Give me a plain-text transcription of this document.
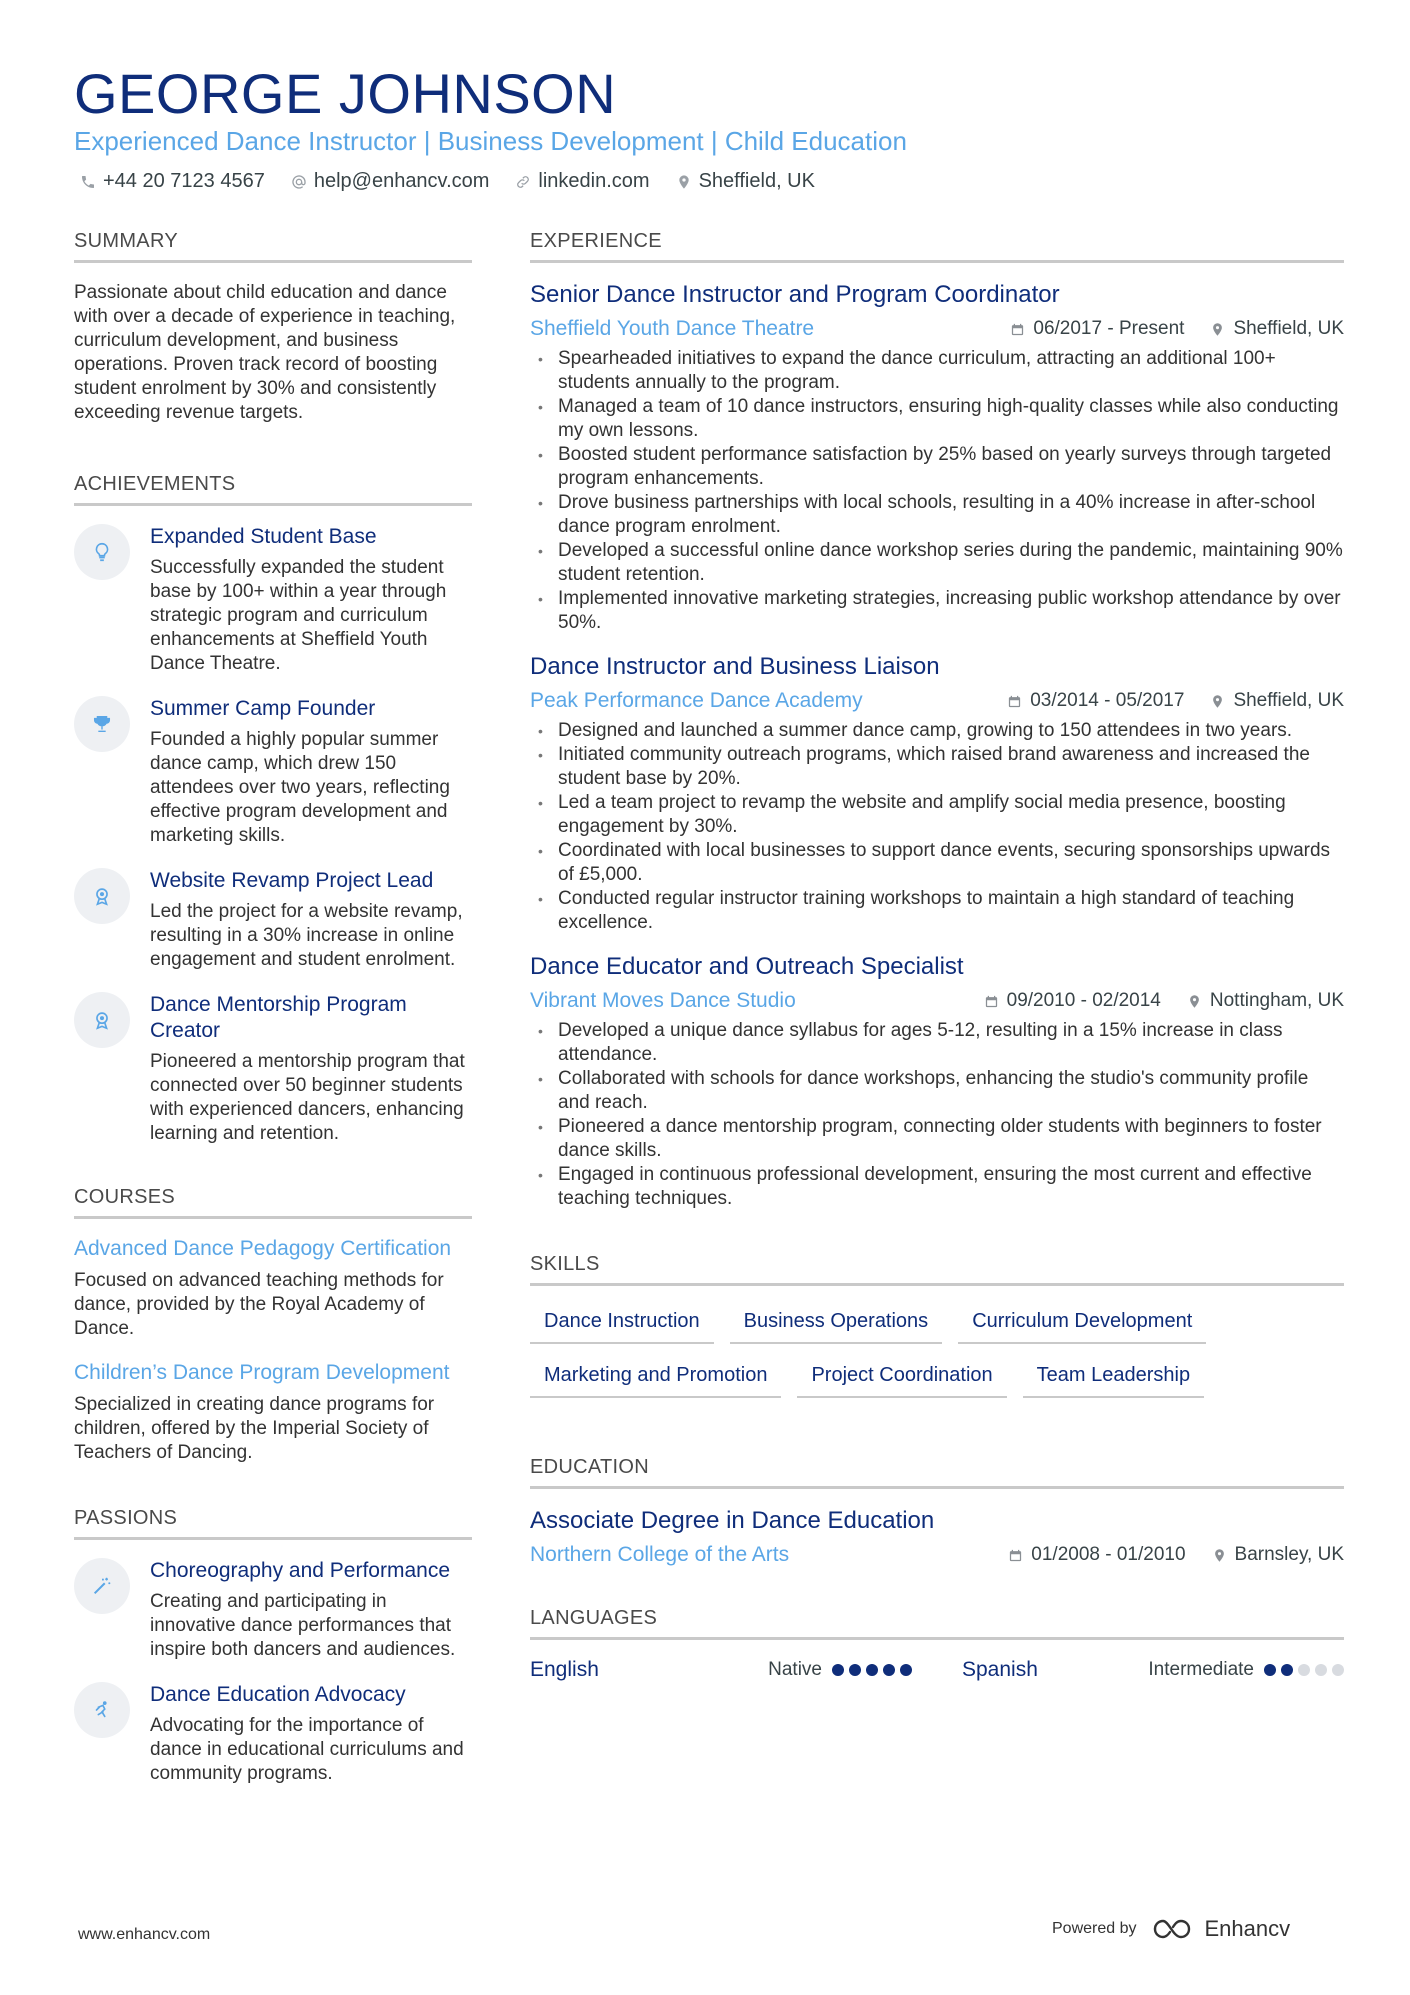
GEORGE JOHNSON
Experienced Dance Instructor | Business Development | Child Education
+44 20 7123 4567 help@enhancv.com linkedin.com Sheffield, UK
SUMMARY
Passionate about child education and dance with over a decade of experience in teaching, curriculum development, and business operations. Proven track record of boosting student enrolment by 30% and consistently exceeding revenue targets.
ACHIEVEMENTS
Expanded Student Base
Successfully expanded the student base by 100+ within a year through strategic program and curriculum enhancements at Sheffield Youth Dance Theatre.
Summer Camp Founder
Founded a highly popular summer dance camp, which drew 150 attendees over two years, reflecting effective program development and marketing skills.
Website Revamp Project Lead
Led the project for a website revamp, resulting in a 30% increase in online engagement and student enrolment.
Dance Mentorship Program Creator
Pioneered a mentorship program that connected over 50 beginner students with experienced dancers, enhancing learning and retention.
COURSES
Advanced Dance Pedagogy Certification
Focused on advanced teaching methods for dance, provided by the Royal Academy of Dance.
Children’s Dance Program Development
Specialized in creating dance programs for children, offered by the Imperial Society of Teachers of Dancing.
PASSIONS
Choreography and Performance
Creating and participating in innovative dance performances that inspire both dancers and audiences.
Dance Education Advocacy
Advocating for the importance of dance in educational curriculums and community programs.
EXPERIENCE
Senior Dance Instructor and Program Coordinator
Sheffield Youth Dance Theatre	06/2017 - Present	Sheffield, UK
• Spearheaded initiatives to expand the dance curriculum, attracting an additional 100+ students annually to the program.
• Managed a team of 10 dance instructors, ensuring high-quality classes while also conducting my own lessons.
• Boosted student performance satisfaction by 25% based on yearly surveys through targeted program enhancements.
• Drove business partnerships with local schools, resulting in a 40% increase in after-school dance program enrolment.
• Developed a successful online dance workshop series during the pandemic, maintaining 90% student retention.
• Implemented innovative marketing strategies, increasing public workshop attendance by over 50%.
Dance Instructor and Business Liaison
Peak Performance Dance Academy	03/2014 - 05/2017	Sheffield, UK
• Designed and launched a summer dance camp, growing to 150 attendees in two years.
• Initiated community outreach programs, which raised brand awareness and increased the student base by 20%.
• Led a team project to revamp the website and amplify social media presence, boosting engagement by 30%.
• Coordinated with local businesses to support dance events, securing sponsorships upwards of £5,000.
• Conducted regular instructor training workshops to maintain a high standard of teaching excellence.
Dance Educator and Outreach Specialist
Vibrant Moves Dance Studio	09/2010 - 02/2014	Nottingham, UK
• Developed a unique dance syllabus for ages 5-12, resulting in a 15% increase in class attendance.
• Collaborated with schools for dance workshops, enhancing the studio's community profile and reach.
• Pioneered a dance mentorship program, connecting older students with beginners to foster dance skills.
• Engaged in continuous professional development, ensuring the most current and effective teaching techniques.
SKILLS
Dance Instruction	Business Operations	Curriculum Development
Marketing and Promotion	Project Coordination	Team Leadership
EDUCATION
Associate Degree in Dance Education
Northern College of the Arts	01/2008 - 01/2010	Barnsley, UK
LANGUAGES
English	Native	Spanish	Intermediate
www.enhancv.com	Powered by	Enhancv
